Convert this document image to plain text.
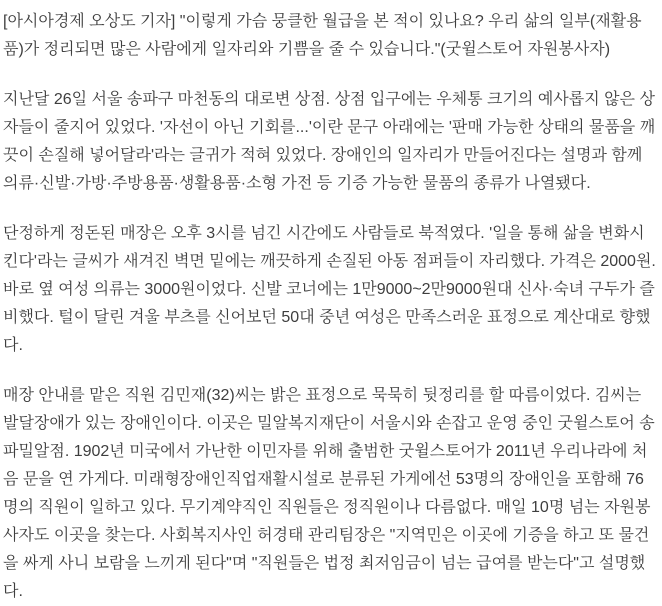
[아시아경제 오상도 기자] "이렇게 가슴 뭉클한 월급을 본 적이 있나요? 우리 삶의 일부(재활용품)가 정리되면 많은 사람에게 일자리와 기쁨을 줄 수 있습니다."(굿윌스토어 자원봉사자)

지난달 26일 서울 송파구 마천동의 대로변 상점. 상점 입구에는 우체통 크기의 예사롭지 않은 상자들이 줄지어 있었다. '자선이 아닌 기회를...'이란 문구 아래에는 '판매 가능한 상태의 물품을 깨끗이 손질해 넣어달라'라는 글귀가 적혀 있었다. 장애인의 일자리가 만들어진다는 설명과 함께 의류·신발·가방·주방용품·생활용품·소형 가전 등 기증 가능한 물품의 종류가 나열됐다.

단정하게 정돈된 매장은 오후 3시를 넘긴 시간에도 사람들로 북적였다. '일을 통해 삶을 변화시킨다'라는 글씨가 새겨진 벽면 밑에는 깨끗하게 손질된 아동 점퍼들이 자리했다. 가격은 2000원. 바로 옆 여성 의류는 3000원이었다. 신발 코너에는 1만9000~2만9000원대 신사·숙녀 구두가 즐비했다. 털이 달린 겨울 부츠를 신어보던 50대 중년 여성은 만족스러운 표정으로 계산대로 향했다.

매장 안내를 맡은 직원 김민재(32)씨는 밝은 표정으로 묵묵히 뒷정리를 할 따름이었다. 김씨는 발달장애가 있는 장애인이다. 이곳은 밀알복지재단이 서울시와 손잡고 운영 중인 굿윌스토어 송파밀알점. 1902년 미국에서 가난한 이민자를 위해 출범한 굿윌스토어가 2011년 우리나라에 처음 문을 연 가게다. 미래형장애인직업재활시설로 분류된 가게에선 53명의 장애인을 포함해 76명의 직원이 일하고 있다. 무기계약직인 직원들은 정직원이나 다름없다. 매일 10명 넘는 자원봉사자도 이곳을 찾는다. 사회복지사인 허경태 관리팀장은 "지역민은 이곳에 기증을 하고 또 물건을 싸게 사니 보람을 느끼게 된다"며 "직원들은 법정 최저임금이 넘는 급여를 받는다"고 설명했다.
